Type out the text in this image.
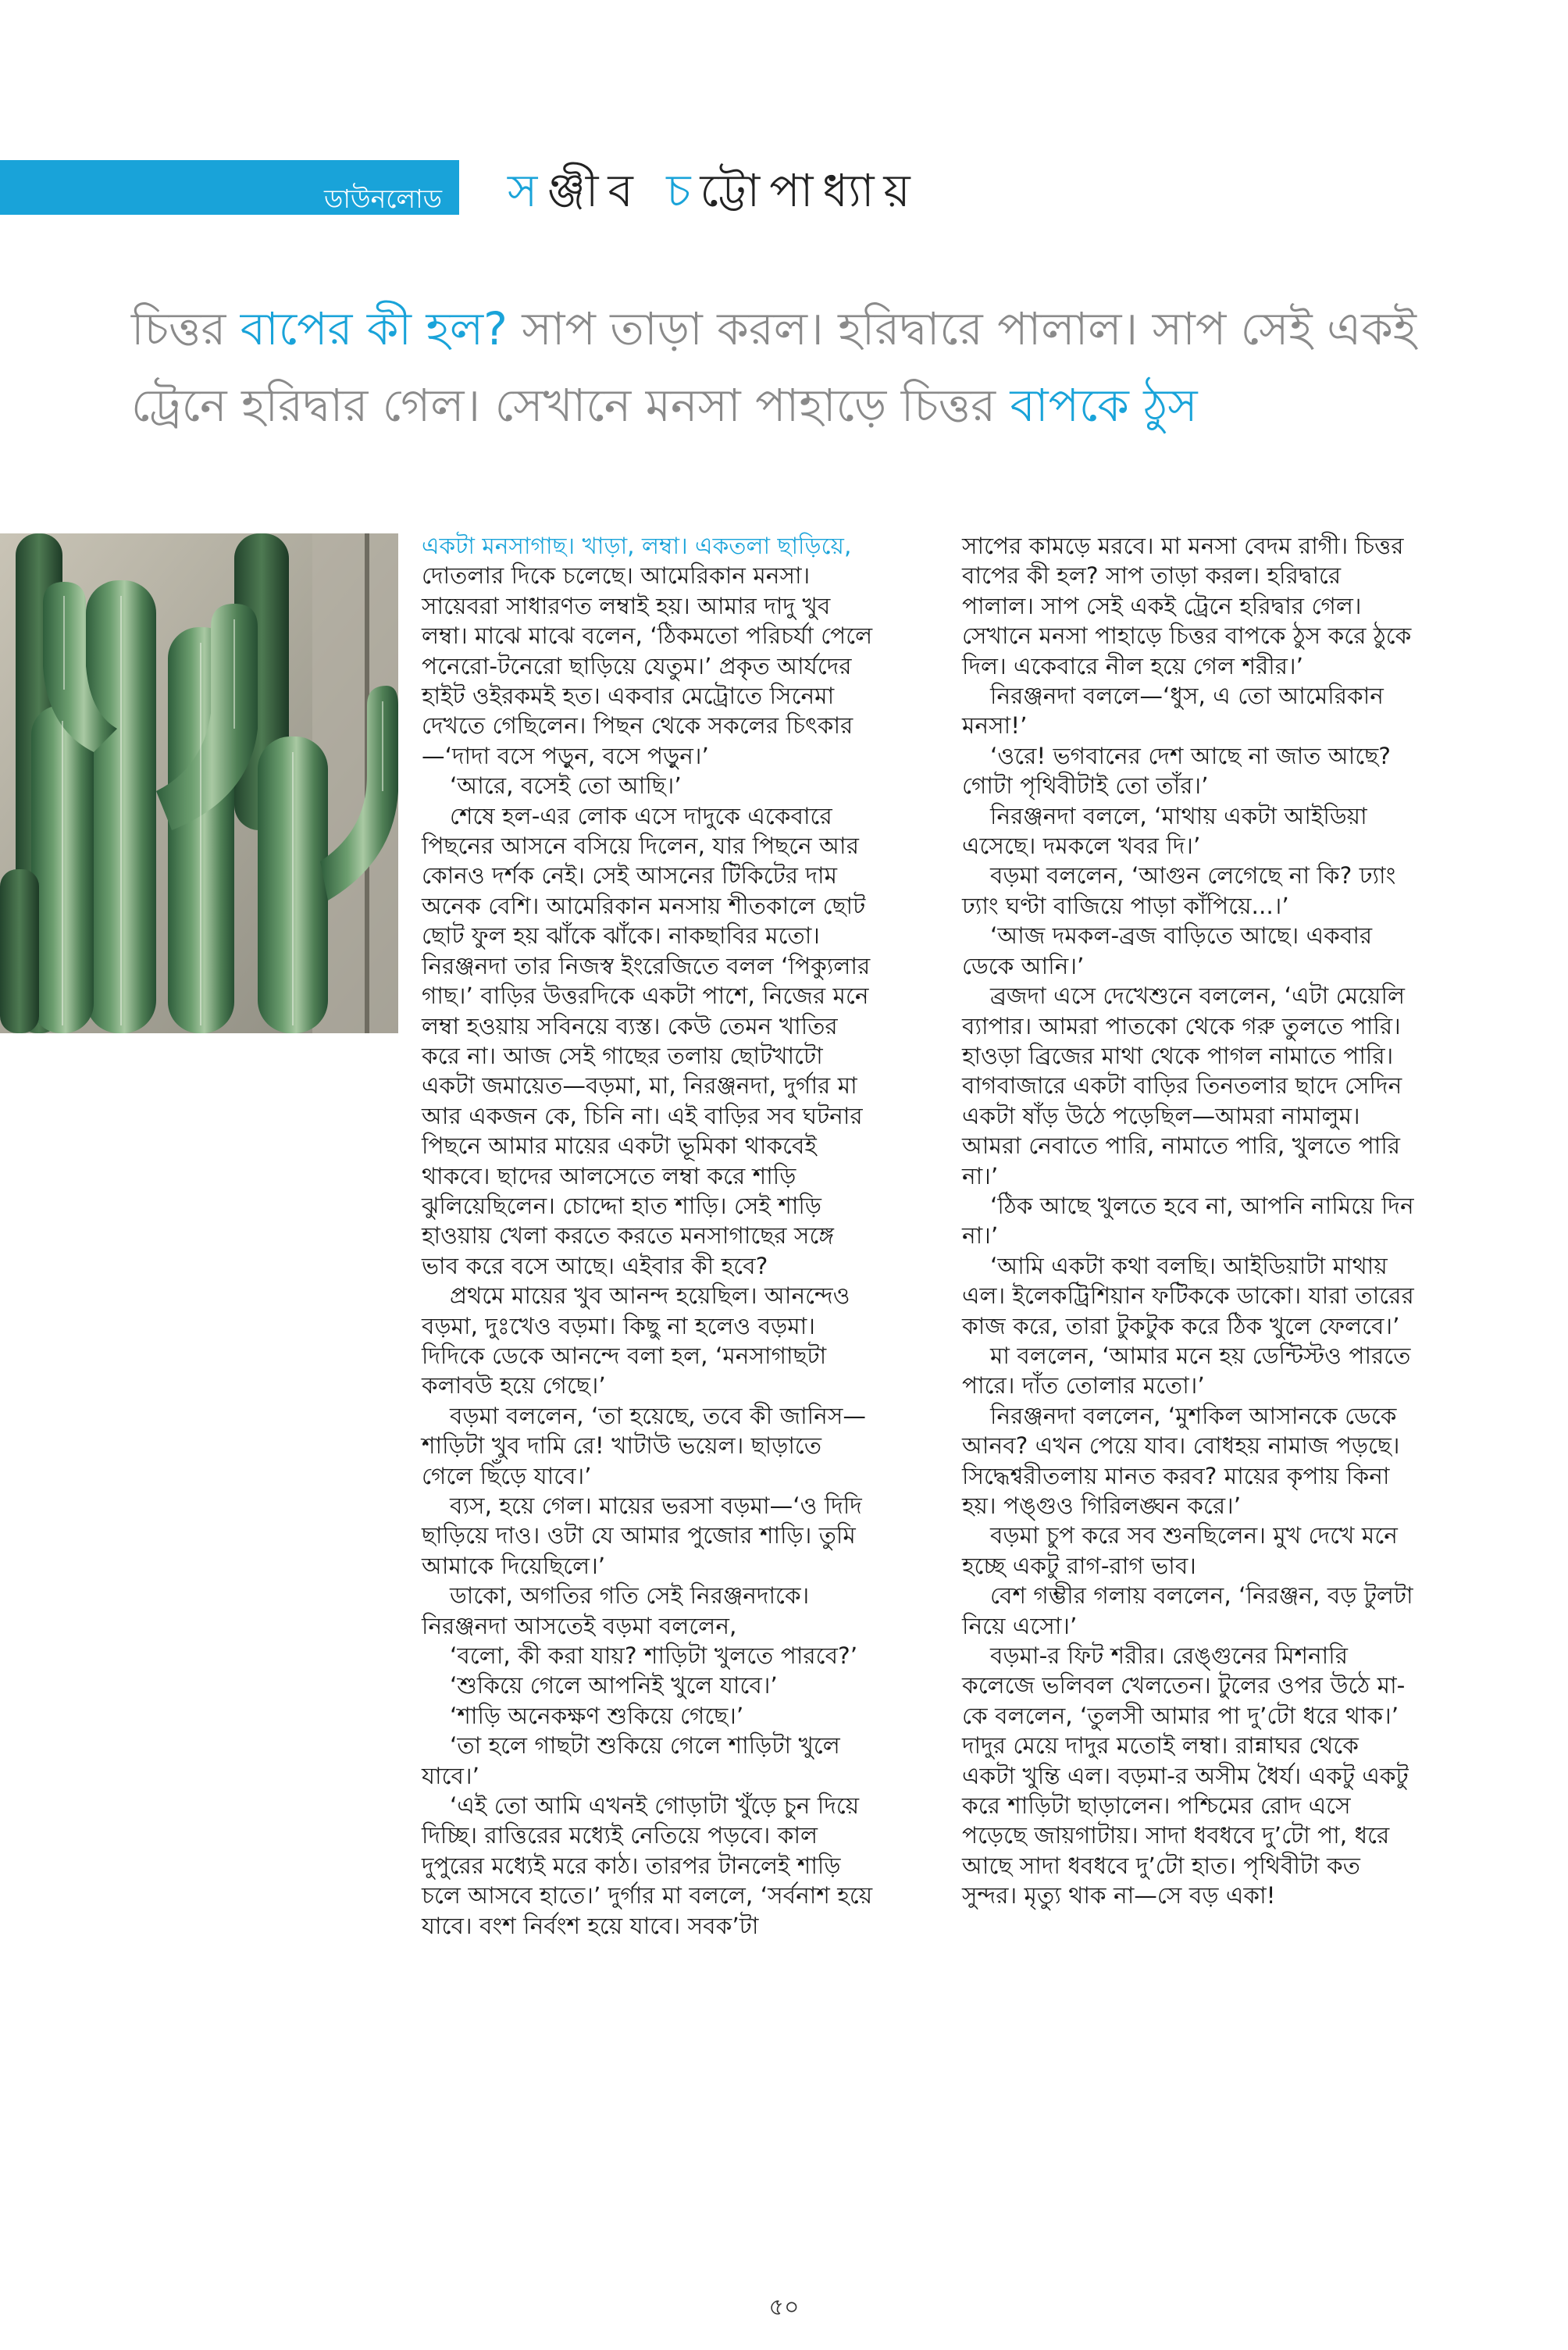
ডাউনলোড সঞ্জীব চট্টোপাধ্যায়
চিত্তর বাপের কী হল? সাপ তাড়া করল। হরিদ্বারে পালাল। সাপ সেই একই ট্রেনে হরিদ্বার গেল। সেখানে মনসা পাহাড়ে চিত্তর বাপকে ঠুস

একটা মনসাগাছ। খাড়া, লম্বা। একতলা ছাড়িয়ে,

দোতলার দিকে চলেছে। আমেরিকান মনসা। সায়েবরা সাধারণত লম্বাই হয়। আমার দাদু খুব লম্বা। মাঝে মাঝে বলেন, ‘ঠিকমতো পরিচর্যা পেলে পনেরো-টনেরো ছাড়িয়ে যেতুম।’ প্রকৃত আর্যদের হাইট ওইরকমই হত। একবার মেট্রোতে সিনেমা দেখতে গেছিলেন। পিছন থেকে সকলের চিৎকার—‘দাদা বসে পড়ুন, বসে পড়ুন।’

‘আরে, বসেই তো আছি।’

শেষে হল-এর লোক এসে দাদুকে একেবারে পিছনের আসনে বসিয়ে দিলেন, যার পিছনে আর কোনও দর্শক নেই। সেই আসনের টিকিটের দাম অনেক বেশি। আমেরিকান মনসায় শীতকালে ছোট ছোট ফুল হয় ঝাঁকে ঝাঁকে। নাকছাবির মতো। নিরঞ্জনদা তার নিজস্ব ইংরেজিতে বলল ‘পিক্যুলার গাছ।’ বাড়ির উত্তরদিকে একটা পাশে, নিজের মনে লম্বা হওয়ায় সবিনয়ে ব্যস্ত। কেউ তেমন খাতির করে না। আজ সেই গাছের তলায় ছোটখাটো একটা জমায়েত—বড়মা, মা, নিরঞ্জনদা, দুর্গার মা আর একজন কে, চিনি না। এই বাড়ির সব ঘটনার পিছনে আমার মায়ের একটা ভূমিকা থাকবেই থাকবে। ছাদের আলসেতে লম্বা করে শাড়ি ঝুলিয়েছিলেন। চোদ্দো হাত শাড়ি। সেই শাড়ি হাওয়ায় খেলা করতে করতে মনসাগাছের সঙ্গে ভাব করে বসে আছে। এইবার কী হবে?

প্রথমে মায়ের খুব আনন্দ হয়েছিল। আনন্দেও বড়মা, দুঃখেও বড়মা। কিছু না হলেও বড়মা। দিদিকে ডেকে আনন্দে বলা হল, ‘মনসাগাছটা কলাবউ হয়ে গেছে।’

বড়মা বললেন, ‘তা হয়েছে, তবে কী জানিস—শাড়িটা খুব দামি রে! খাটাউ ভয়েল। ছাড়াতে গেলে ছিঁড়ে যাবে।’

ব্যস, হয়ে গেল। মায়ের ভরসা বড়মা—‘ও দিদি ছাড়িয়ে দাও। ওটা যে আমার পুজোর শাড়ি। তুমি আমাকে দিয়েছিলে।’

ডাকো, অগতির গতি সেই নিরঞ্জনদাকে। নিরঞ্জনদা আসতেই বড়মা বললেন,

‘বলো, কী করা যায়? শাড়িটা খুলতে পারবে?’

‘শুকিয়ে গেলে আপনিই খুলে যাবে।’

‘শাড়ি অনেকক্ষণ শুকিয়ে গেছে।’

‘তা হলে গাছটা শুকিয়ে গেলে শাড়িটা খুলে যাবে।’

‘এই তো আমি এখনই গোড়াটা খুঁড়ে চুন দিয়ে দিচ্ছি। রাত্তিরের মধ্যেই নেতিয়ে পড়বে। কাল দুপুরের মধ্যেই মরে কাঠ। তারপর টানলেই শাড়ি চলে আসবে হাতে।’ দুর্গার মা বললে, ‘সর্বনাশ হয়ে যাবে। বংশ নির্বংশ হয়ে যাবে। সবক’টা

সাপের কামড়ে মরবে। মা মনসা বেদম রাগী। চিত্তর বাপের কী হল? সাপ তাড়া করল। হরিদ্বারে পালাল। সাপ সেই একই ট্রেনে হরিদ্বার গেল। সেখানে মনসা পাহাড়ে চিত্তর বাপকে ঠুস করে ঠুকে দিল। একেবারে নীল হয়ে গেল শরীর।’

নিরঞ্জনদা বললে—‘ধুস, এ তো আমেরিকান মনসা!’

‘ওরে! ভগবানের দেশ আছে না জাত আছে? গোটা পৃথিবীটাই তো তাঁর।’

নিরঞ্জনদা বললে, ‘মাথায় একটা আইডিয়া এসেছে। দমকলে খবর দি।’

বড়মা বললেন, ‘আগুন লেগেছে না কি? ঢ্যাং ঢ্যাং ঘণ্টা বাজিয়ে পাড়া কাঁপিয়ে...।’

‘আজ দমকল-ব্রজ বাড়িতে আছে। একবার ডেকে আনি।’

ব্রজদা এসে দেখেশুনে বললেন, ‘এটা মেয়েলি ব্যাপার। আমরা পাতকো থেকে গরু তুলতে পারি। হাওড়া ব্রিজের মাথা থেকে পাগল নামাতে পারি। বাগবাজারে একটা বাড়ির তিনতলার ছাদে সেদিন একটা ষাঁড় উঠে পড়েছিল—আমরা নামালুম। আমরা নেবাতে পারি, নামাতে পারি, খুলতে পারি না।’

‘ঠিক আছে খুলতে হবে না, আপনি নামিয়ে দিন না।’

‘আমি একটা কথা বলছি। আইডিয়াটা মাথায় এল। ইলেকট্রিশিয়ান ফটিককে ডাকো। যারা তারের কাজ করে, তারা টুকটুক করে ঠিক খুলে ফেলবে।’

মা বললেন, ‘আমার মনে হয় ডেন্টিস্টও পারতে পারে। দাঁত তোলার মতো।’

নিরঞ্জনদা বললেন, ‘মুশকিল আসানকে ডেকে আনব? এখন পেয়ে যাব। বোধহয় নামাজ পড়ছে। সিদ্ধেশ্বরীতলায় মানত করব? মায়ের কৃপায় কিনা হয়। পঙ্গুও গিরিলঙ্ঘন করে।’

বড়মা চুপ করে সব শুনছিলেন। মুখ দেখে মনে হচ্ছে একটু রাগ-রাগ ভাব।

বেশ গম্ভীর গলায় বললেন, ‘নিরঞ্জন, বড় টুলটা নিয়ে এসো।’

বড়মা-র ফিট শরীর। রেঙ্গুনের মিশনারি কলেজে ভলিবল খেলতেন। টুলের ওপর উঠে মা-কে বললেন, ‘তুলসী আমার পা দু’টো ধরে থাক।’ দাদুর মেয়ে দাদুর মতোই লম্বা। রান্নাঘর থেকে একটা খুন্তি এল। বড়মা-র অসীম ধৈর্য। একটু একটু করে শাড়িটা ছাড়ালেন। পশ্চিমের রোদ এসে পড়েছে জায়গাটায়। সাদা ধবধবে দু’টো পা, ধরে আছে সাদা ধবধবে দু’টো হাত। পৃথিবীটা কত সুন্দর। মৃত্যু থাক না—সে বড় একা!

৫০
